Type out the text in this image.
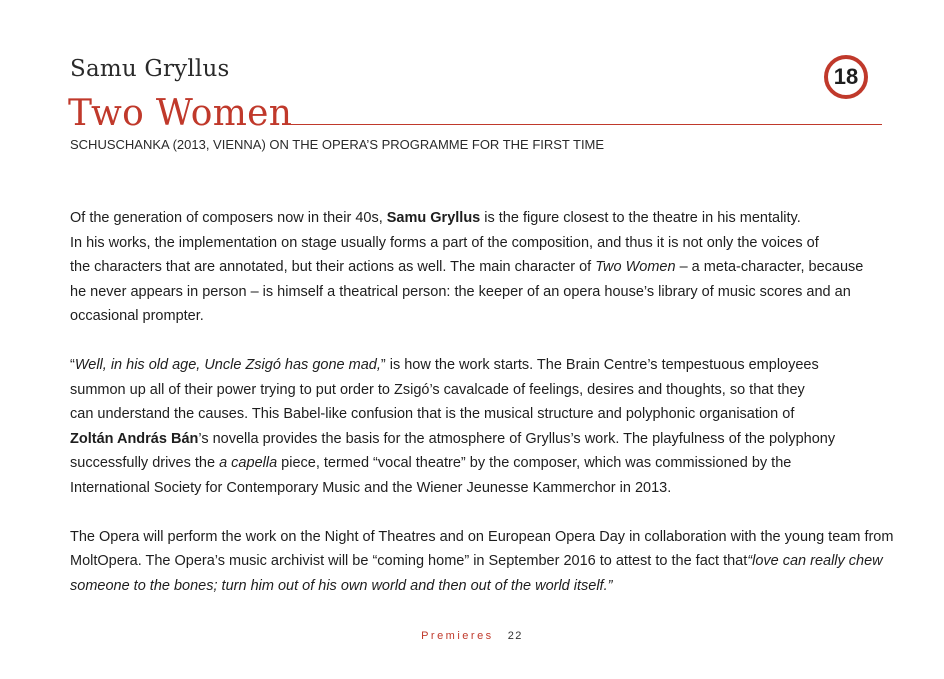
Samu Gryllus	18
Two Women
SCHUSCHANKA (2013, VIENNA) ON THE OPERA’S PROGRAMME FOR THE FIRST TIME

Of the generation of composers now in their 40s, Samu Gryllus is the figure closest to the theatre in his mentality.
In his works, the implementation on stage usually forms a part of the composition, and thus it is not only the voices of
the characters that are annotated, but their actions as well. The main character of Two Women – a meta-character, because
he never appears in person – is himself a theatrical person: the keeper of an opera house’s library of music scores and an
occasional prompter.

“Well, in his old age, Uncle Zsigó has gone mad,” is how the work starts. The Brain Centre’s tempestuous employees
summon up all of their power trying to put order to Zsigó’s cavalcade of feelings, desires and thoughts, so that they
can understand the causes. This Babel-like confusion that is the musical structure and polyphonic organisation of
Zoltán András Bán’s novella provides the basis for the atmosphere of Gryllus’s work. The playfulness of the polyphony
successfully drives the a capella piece, termed “vocal theatre” by the composer, which was commissioned by the
International Society for Contemporary Music and the Wiener Jeunesse Kammerchor in 2013.

The Opera will perform the work on the Night of Theatres and on European Opera Day in collaboration with the young team from
MoltOpera. The Opera’s music archivist will be “coming home” in September 2016 to attest to the fact that“love can really chew
someone to the bones; turn him out of his own world and then out of the world itself.”

Premieres 22
